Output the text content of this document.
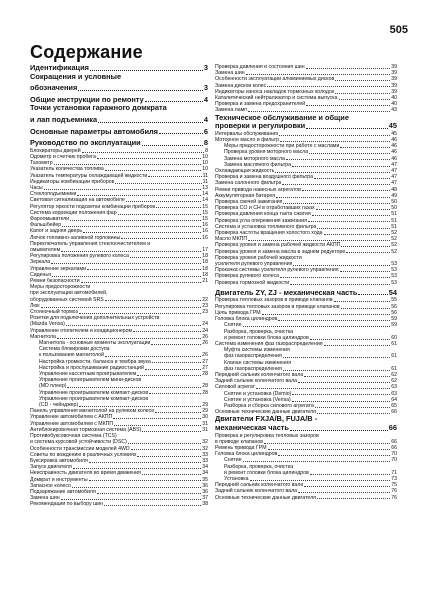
505
Содержание
Идентификация	3
Сокращения и условные
обозначения	3
Общие инструкции по ремонту	4
Точки установки гаражного домкрата
и лап подъемника	4
Основные параметры автомобиля	6
Руководство по эксплуатации	8
Блокираторы дверей	8
Одометр и счетчик пробега	10
Тахометр	10
Указатель количества топлива	10
Указатель температуры охлаждающей жидкости	11
Индикаторы комбинации приборов	11
Часы	13
Стеклоподъемники	14
Световая сигнализация на автомобиле	14
Регулятор яркости подсветки комбинации приборов	15
Система коррекции положения фар	15
Фароомыватели	15
Фальшбейер	16
Капот и задняя дверь	16
Лючок топливно-заливной горловины	16
Переключатель управления стеклоочистителем и
омывателем	17
Регулировка положения рулевого колеса	18
Зеркала	18
Управление зеркалами	18
Сиденья	18
Ремни безопасности	21
Меры предосторожности
при эксплуатации автомобилей,
оборудованных системой SRS	22
Люк	23
Стояночный тормоз	23
Розетки для подключения дополнительных устройств
(Mazda Verisa)	24
Управление отопителем и кондиционером	24
Магнитола	26
Магнитола - основные моменты эксплуатации	26
Система блокировки доступа
к пользованию магнитолой	26
Настройка громкости, баланса и тембра звука	27
Настройка и прослушивание радиостанций	27
Управление кассетным проигрывателем	28
Управление проигрывателем мини-дисков
(MD плеер)	28
Управление проигрывателем компакт-дисков	28
Управление проигрывателем компакт-дисков
(CD - чейнджер)	29
Панель управления магнитолой на рулевом колесе	29
Управление автомобилем с АКПП	30
Управление автомобилем с МКПП	31
Антиблокировочная тормозная система (ABS)	31
Противобуксовочная система (TCS)
и система курсовой устойчивости (DSC)	32
Особенности трансмиссии моделей 4WD	32
Советы по вождению в различных условиях	33
Буксировка автомобиля	33
Запуск двигателя	34
Неисправность двигателя во время движения	34
Домкрат и инструменты	35
Запасное колесо	36
Подзаряжание автомобиля	36
Замена шин	37
Рекомендации по выбору шин	38
Проверка давления и состояния шин	39
Замена шин	39
Особенности эксплуатации алюминиевых дисков	39
Замена дисков колес	39
Индикаторы износа накладок тормозных колодок	39
Каталитический нейтрализатор и система выпуска	40
Проверка и замена предохранителей	40
Замена ламп	43
Техническое обслуживание и общие
проверки и регулировки	45
Интервалы обслуживания	45
Моторное масло и фильтр	46
Меры предосторожности при работе с маслами	46
Проверка уровня моторного масла	46
Замена моторного масла	46
Замена масляного фильтра	47
Охлаждающая жидкость	47
Проверка и замена воздушного фильтра	47
Замена салонного фильтра	47
Ремни привода навесных агрегатов	48
Аккумуляторная батарея	49
Проверка свечей зажигания	50
Проверка CO и CH в отработавших газах	50
Проверка давления конца такта сжатия	51
Проверка угла опережения зажигания	51
Система и установка топливного фильтра	51
Проверка частоты вращения холостого хода	52
Масло МКПП	52
Проверка уровня и замена рабочей жидкости АКПП	52
Проверка уровня и замена масла в заднем редукторе	52
Проверка уровня рабочей жидкости
усилителя рулевого управления	53
Прокачка системы усилителя рулевого управления	53
Проверка рулевого колеса	53
Проверка тормозной жидкости	53
Двигатель ZY, ZJ - механическая часть	54
Проверка тепловых зазоров в приводе клапанов	55
Регулировка тепловых зазоров в приводе клапанов	56
Цепь привода ГРМ	56
Головка блока цилиндров	59
Снятие	59
Разборка, проверка, очистка
и ремонт головки блока цилиндров	60
Система изменения фаз газораспределения	61
Муфта системы изменения
фаз газораспределения	61
Клапан системы изменения
фаз газораспределения	61
Передний сальник коленчатого вала	62
Задний сальник коленчатого вала	62
Силовой агрегат	63
Снятие и установка (Demio)	63
Снятие и установка (Verisa)	64
Разборка и сборка силового агрегата	65
Основные технические данные двигателя	66
Двигатели FXJA/B, FUJA/B -
механическая часть	66
Проверка и регулировка тепловых зазоров
в приводе клапанов	66
Ремень привода ГРМ	66
Головка блока цилиндров	70
Снятие	70
Разборка, проверка, очистка
и ремонт головки блока цилиндров	71
Установка	73
Передний сальник коленчатого вала	75
Задний сальник коленчатого вала	76
Основные технические данные двигателя	76
